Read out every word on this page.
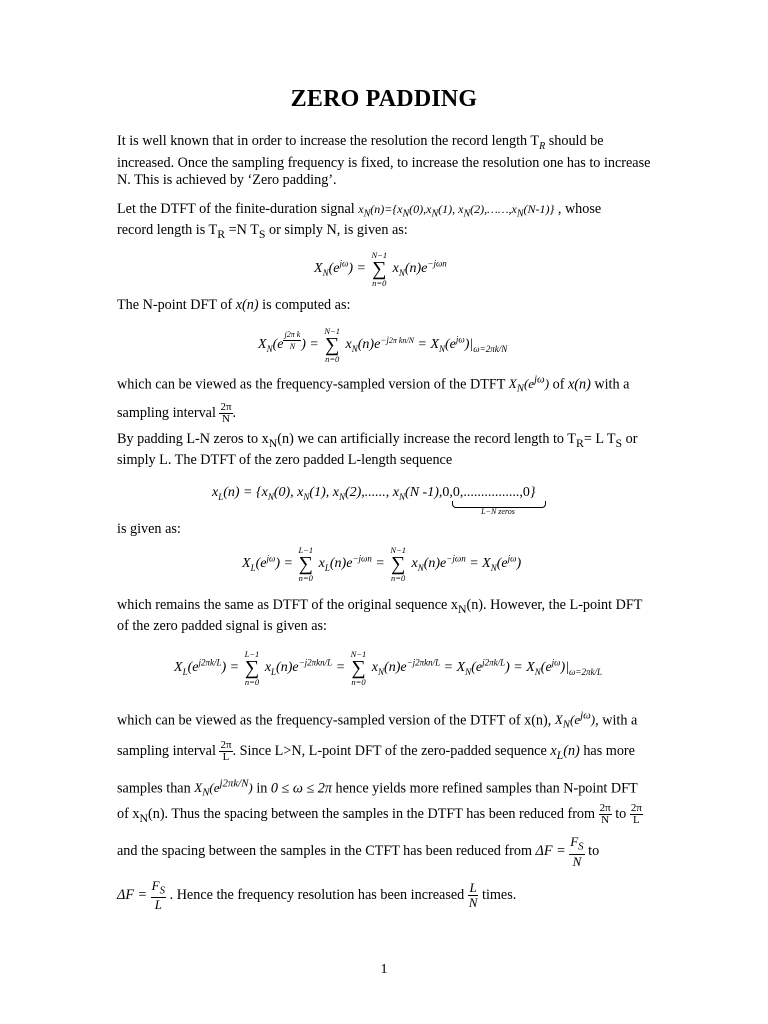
ZERO PADDING
It is well known that in order to increase the resolution the record length $T_R$ should be
increased. Once the sampling frequency is fixed, to increase the resolution one has to increase
N. This is achieved by ‘Zero padding’.
Let the DTFT of the finite-duration signal $x_N(n)=\{x_N(0),x_N(1)$, $x_N(2),\dots\dots,x_N(N-1)$} , whose
record length is $T_R =N$ $T_S$ or simply N, is given as:
$X_N(e^{j\omega})$ =
N−1
∑
n=0
$x_N(n)e^{-j\omega n}$
The N-point DFT of x(n) is computed as:
$X_N(e$ $^{\frac{\text{j2π k}}{N}}$ ) =
N−1
∑
n=0
$x_N(n)e^{-j2\pi kn/N} = X_N(e^{j\omega})|_{\omega=2\pi k/N}$
which can be viewed as the frequency-sampled version of the DTFT $X_N(e^{j\omega})$ of x(n) with a
sampling interval $\frac{2\pi}{N}$ .
By padding L-N zeros to $x_N(n)$ we can artificially increase the record length to $T_R= L$ $T_S$ or
simply L. The DTFT of the zero padded L-length sequence
$x_L(n) = \{x_N(0)$, $x_N(1)$, $x_N(2)$,......, $x_N(N$ -1),0,0,................,0}
L−N zeros
is given as:
$X_L(e^{j\omega})$ =
L−1
∑
n=0
$x_L(n)e^{-j\omega n}$ =
N−1
∑
n=0
$x_N(n)e^{-j\omega n} = X_N(e^{j\omega})$
which remains the same as DTFT of the original sequence $x_N(n)$. However, the L-point DFT
of the zero padded signal is given as:
$X_L(e^{j2\pi k/L})$ =
L−1
∑
n=0
$x_L(n)e^{-j2\pi kn/L}$ =
N−1
∑
n=0
$x_N(n)e^{-j2\pi kn/L} = X_N(e^{j2\pi k/L}) = X_N(e^{j\omega})|_{\omega=2\pi k/L}$
which can be viewed as the frequency-sampled version of the DTFT of x(n), $X_N(e^{j\omega})$, with a
sampling interval $\frac{2\pi}{L}$ . Since L>N, L-point DFT of the zero-padded sequence $x_L(n)$ has more
samples than $X_N(e^{j2\pi k/N})$ in 0 ≤ ω ≤ 2π hence yields more refined samples than N-point DFT
of $x_N(n)$. Thus the spacing between the samples in the DTFT has been reduced from $\frac{2\pi}{N}$ to $\frac{2\pi}{L}$
and the spacing between the samples in the CTFT has been reduced from $\Delta F = \frac{F_S}{N}$ to
$\Delta F = \frac{F_S}{L}$ . Hence the frequency resolution has been increased $\frac{L}{N}$ times.
1
